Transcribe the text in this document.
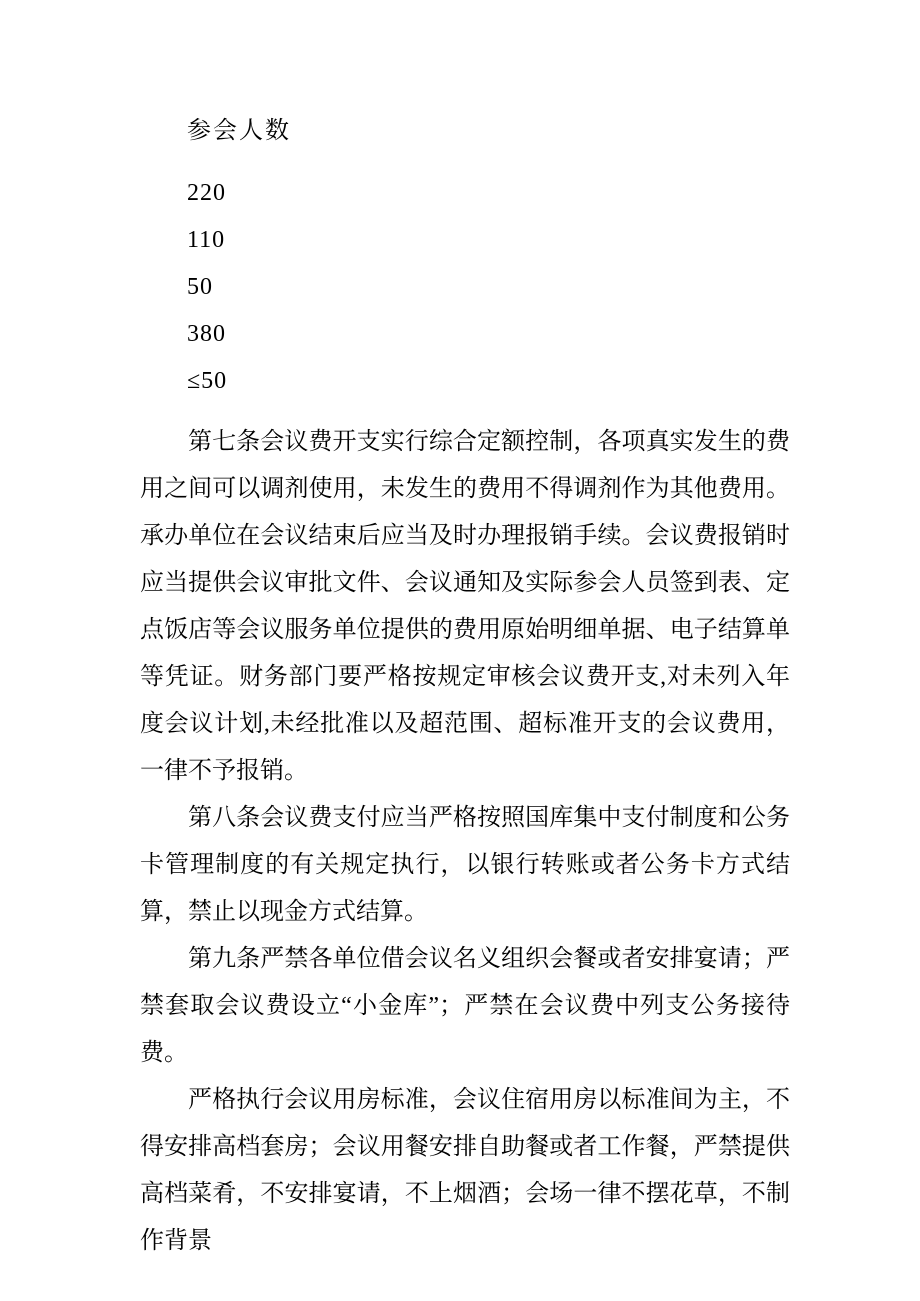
参会人数

220

110

50

380

≤50

第七条会议费开支实行综合定额控制，各项真实发生的费用之间可以调剂使用，未发生的费用不得调剂作为其他费用。承办单位在会议结束后应当及时办理报销手续。会议费报销时应当提供会议审批文件、会议通知及实际参会人员签到表、定点饭店等会议服务单位提供的费用原始明细单据、电子结算单等凭证。财务部门要严格按规定审核会议费开支,对未列入年度会议计划,未经批准以及超范围、超标准开支的会议费用，一律不予报销。

第八条会议费支付应当严格按照国库集中支付制度和公务卡管理制度的有关规定执行，以银行转账或者公务卡方式结算，禁止以现金方式结算。

第九条严禁各单位借会议名义组织会餐或者安排宴请；严禁套取会议费设立“小金库”；严禁在会议费中列支公务接待费。

严格执行会议用房标准，会议住宿用房以标准间为主，不得安排高档套房；会议用餐安排自助餐或者工作餐，严禁提供高档菜肴，不安排宴请，不上烟酒；会场一律不摆花草，不制作背景
